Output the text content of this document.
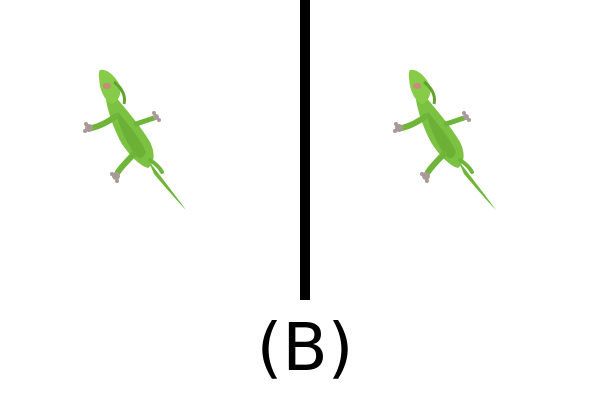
(B)
